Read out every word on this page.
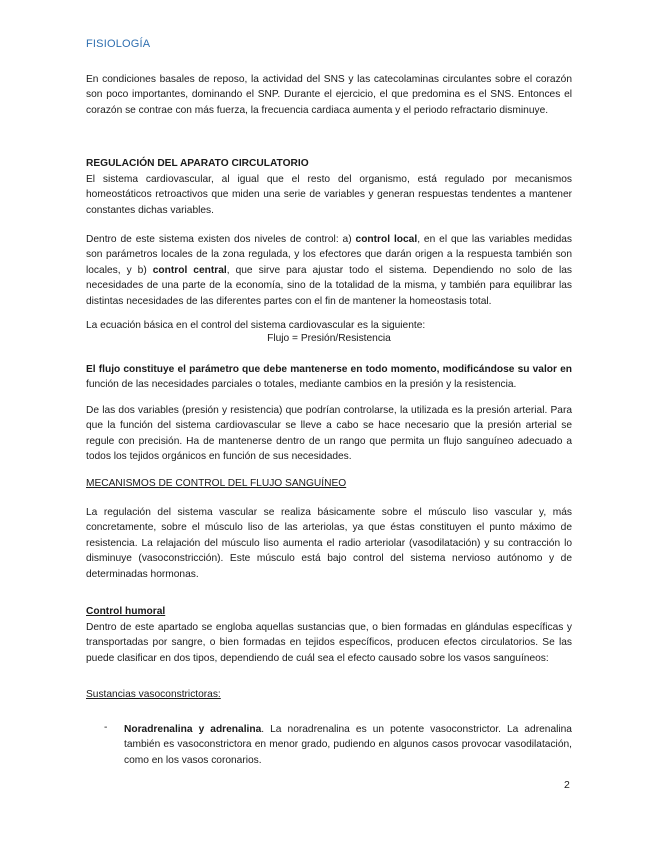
FISIOLOGÍA
En condiciones basales de reposo, la actividad del SNS y las catecolaminas circulantes sobre el corazón son poco importantes, dominando el SNP. Durante el ejercicio, el que predomina es el SNS. Entonces el corazón se contrae con más fuerza, la frecuencia cardiaca aumenta y el periodo refractario disminuye.
REGULACIÓN DEL APARATO CIRCULATORIO
El sistema cardiovascular, al igual que el resto del organismo, está regulado por mecanismos homeostáticos retroactivos que miden una serie de variables y generan respuestas tendentes a mantener constantes dichas variables.
Dentro de este sistema existen dos niveles de control: a) control local, en el que las variables medidas son parámetros locales de la zona regulada, y los efectores que darán origen a la respuesta también son locales, y b) control central, que sirve para ajustar todo el sistema. Dependiendo no solo de las necesidades de una parte de la economía, sino de la totalidad de la misma, y también para equilibrar las distintas necesidades de las diferentes partes con el fin de mantener la homeostasis total.
La ecuación básica en el control del sistema cardiovascular es la siguiente:
Flujo = Presión/Resistencia
El flujo constituye el parámetro que debe mantenerse en todo momento, modificándose su valor en función de las necesidades parciales o totales, mediante cambios en la presión y la resistencia.
De las dos variables (presión y resistencia) que podrían controlarse, la utilizada es la presión arterial. Para que la función del sistema cardiovascular se lleve a cabo se hace necesario que la presión arterial se regule con precisión. Ha de mantenerse dentro de un rango que permita un flujo sanguíneo adecuado a todos los tejidos orgánicos en función de sus necesidades.
MECANISMOS DE CONTROL DEL FLUJO SANGUÍNEO
La regulación del sistema vascular se realiza básicamente sobre el músculo liso vascular y, más concretamente, sobre el músculo liso de las arteriolas, ya que éstas constituyen el punto máximo de resistencia. La relajación del músculo liso aumenta el radio arteriolar (vasodilatación) y su contracción lo disminuye (vasoconstricción). Este músculo está bajo control del sistema nervioso autónomo y de determinadas hormonas.
Control humoral
Dentro de este apartado se engloba aquellas sustancias que, o bien formadas en glándulas específicas y transportadas por sangre, o bien formadas en tejidos específicos, producen efectos circulatorios. Se las puede clasificar en dos tipos, dependiendo de cuál sea el efecto causado sobre los vasos sanguíneos:
Sustancias vasoconstrictoras:
- Noradrenalina y adrenalina. La noradrenalina es un potente vasoconstrictor. La adrenalina también es vasoconstrictora en menor grado, pudiendo en algunos casos provocar vasodilatación, como en los vasos coronarios.
2
